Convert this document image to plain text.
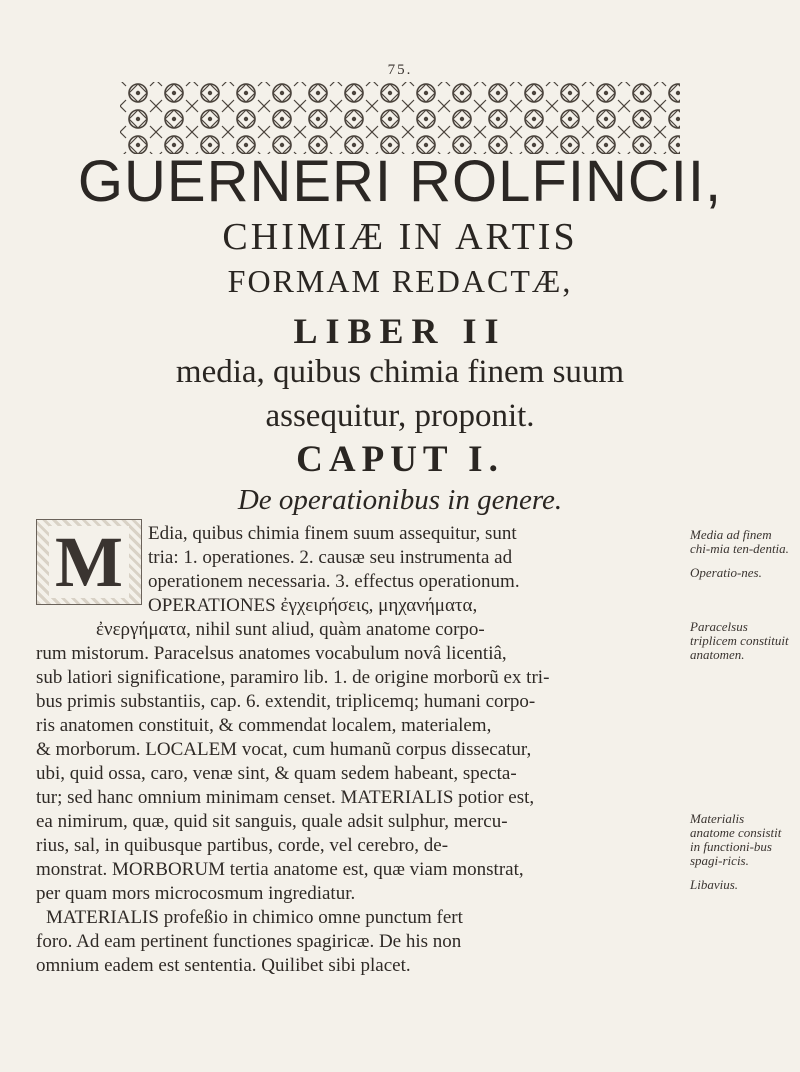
75.
GUERNERI ROLFINCII,
CHIMIÆ IN ARTIS
FORMAM REDACTÆ,
LIBER II
media, quibus chimia finem suum
assequitur, proponit.
CAPUT I.
De operationibus in genere.
M	Edia, quibus chimia finem suum assequitur, sunt
tria: 1. operationes. 2. causæ seu instrumenta ad
operationem necessaria. 3. effectus operationum.
OPERATIONES ἐγχειρήσεις, μηχανήματα,
ἐνεργήματα, nihil sunt aliud, quàm anatome corpo-
rum mistorum. Paracelsus anatomes vocabulum novâ licentiâ,
sub latiori significatione, paramiro lib. 1. de origine morborũ ex tri-
bus primis substantiis, cap. 6. extendit, triplicemq; humani corpo-
ris anatomen constituit, & commendat localem, materialem,
& morborum. LOCALEM vocat, cum humanũ corpus dissecatur,
ubi, quid ossa, caro, venæ sint, & quam sedem habeant, specta-
tur; sed hanc omnium minimam censet. MATERIALIS potior est,
ea nimirum, quæ, quid sit sanguis, quale adsit sulphur, mercu-
rius, sal, in quibusque partibus, corde, vel cerebro, de-
monstrat. MORBORUM tertia anatome est, quæ viam monstrat,
per quam mors microcosmum ingrediatur.
MATERIALIS profeßio in chimico omne punctum fert
foro. Ad eam pertinent functiones spagiricæ. De his non
omnium eadem est sententia. Quilibet sibi placet.
Media ad finem chi-mia ten-dentia.
Operatio-nes.
Paracelsus triplicem constituit anatomen.
Materialis anatome consistit in functioni-bus spagi-ricis.
Libavius.
